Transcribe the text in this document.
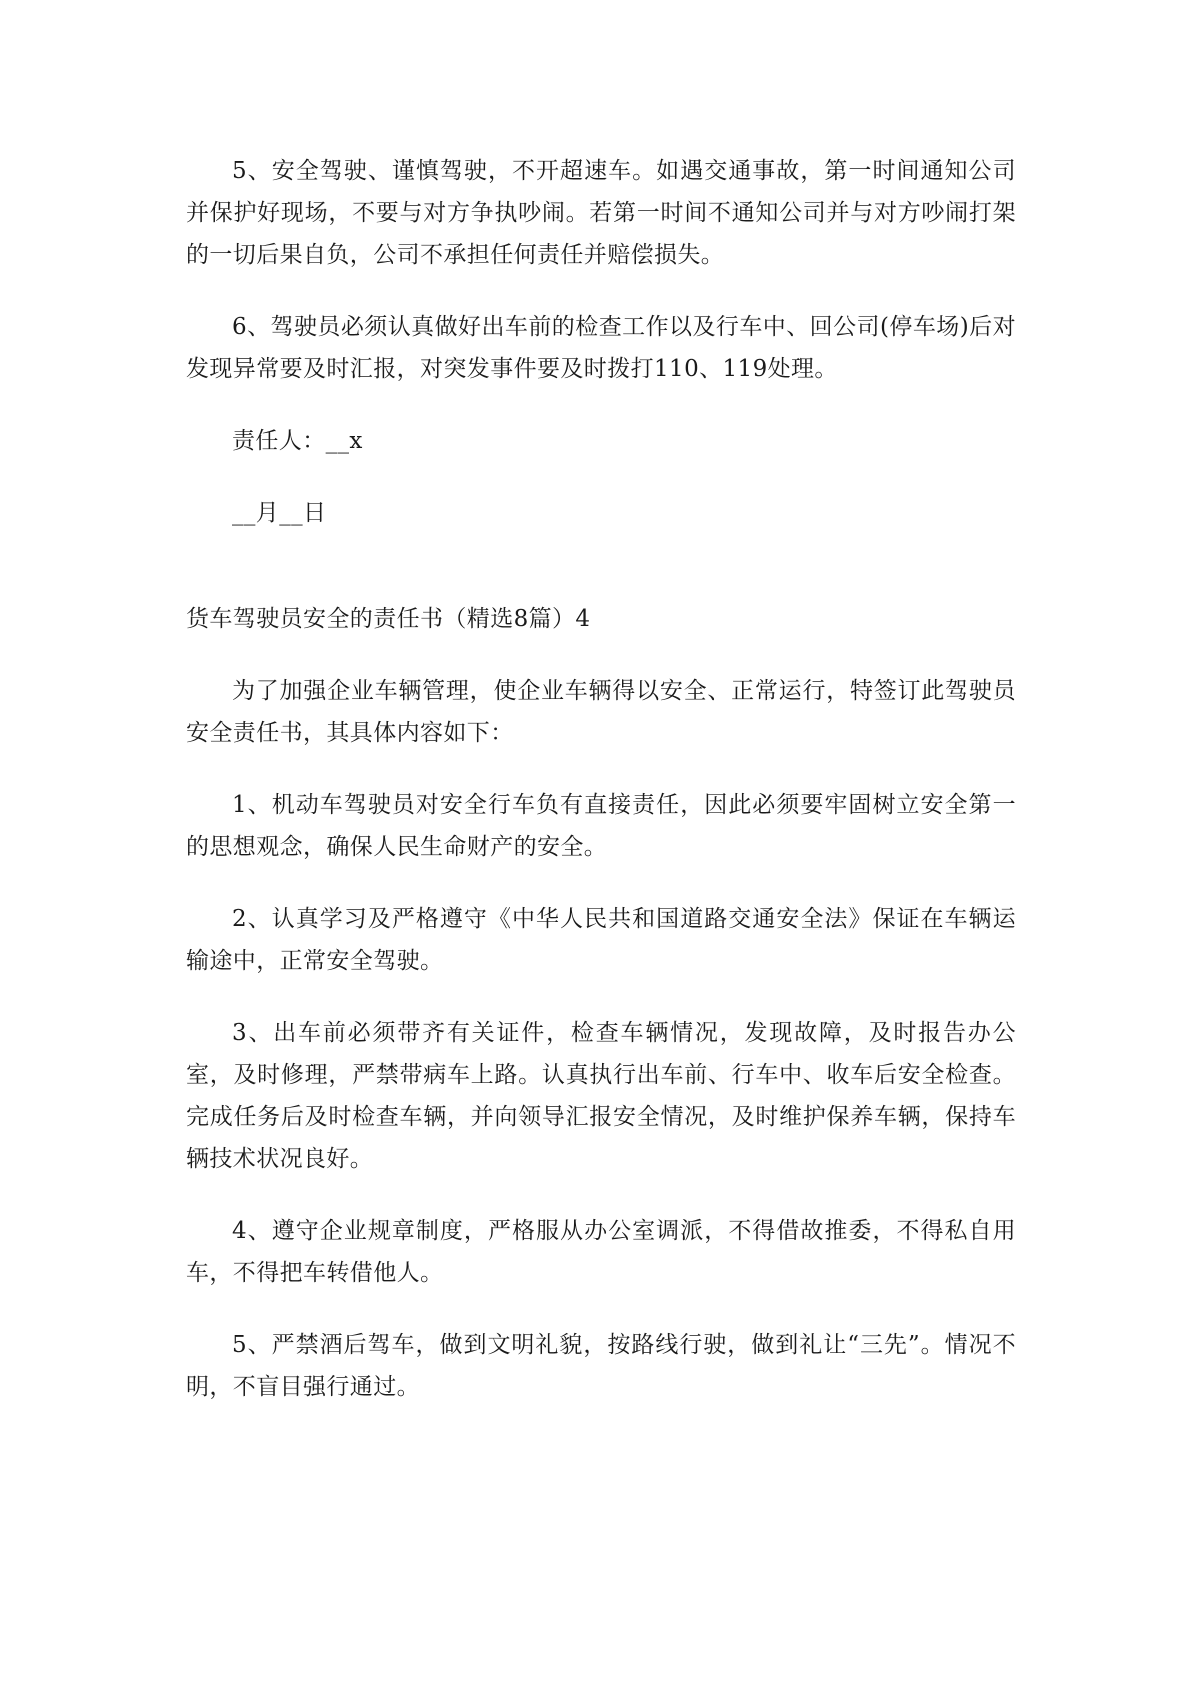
5、安全驾驶、谨慎驾驶，不开超速车。如遇交通事故，第一时间通知公司并保护好现场，不要与对方争执吵闹。若第一时间不通知公司并与对方吵闹打架的一切后果自负，公司不承担任何责任并赔偿损失。

6、驾驶员必须认真做好出车前的检查工作以及行车中、回公司(停车场)后对发现异常要及时汇报，对突发事件要及时拨打110、119处理。

责任人：__x

__月__日

货车驾驶员安全的责任书（精选8篇）4

为了加强企业车辆管理，使企业车辆得以安全、正常运行，特签订此驾驶员安全责任书，其具体内容如下：

1、机动车驾驶员对安全行车负有直接责任，因此必须要牢固树立安全第一的思想观念，确保人民生命财产的安全。

2、认真学习及严格遵守《中华人民共和国道路交通安全法》保证在车辆运输途中，正常安全驾驶。

3、出车前必须带齐有关证件，检查车辆情况，发现故障，及时报告办公室，及时修理，严禁带病车上路。认真执行出车前、行车中、收车后安全检查。完成任务后及时检查车辆，并向领导汇报安全情况，及时维护保养车辆，保持车辆技术状况良好。

4、遵守企业规章制度，严格服从办公室调派，不得借故推委，不得私自用车，不得把车转借他人。

5、严禁酒后驾车，做到文明礼貌，按路线行驶，做到礼让“三先”。情况不明，不盲目强行通过。
